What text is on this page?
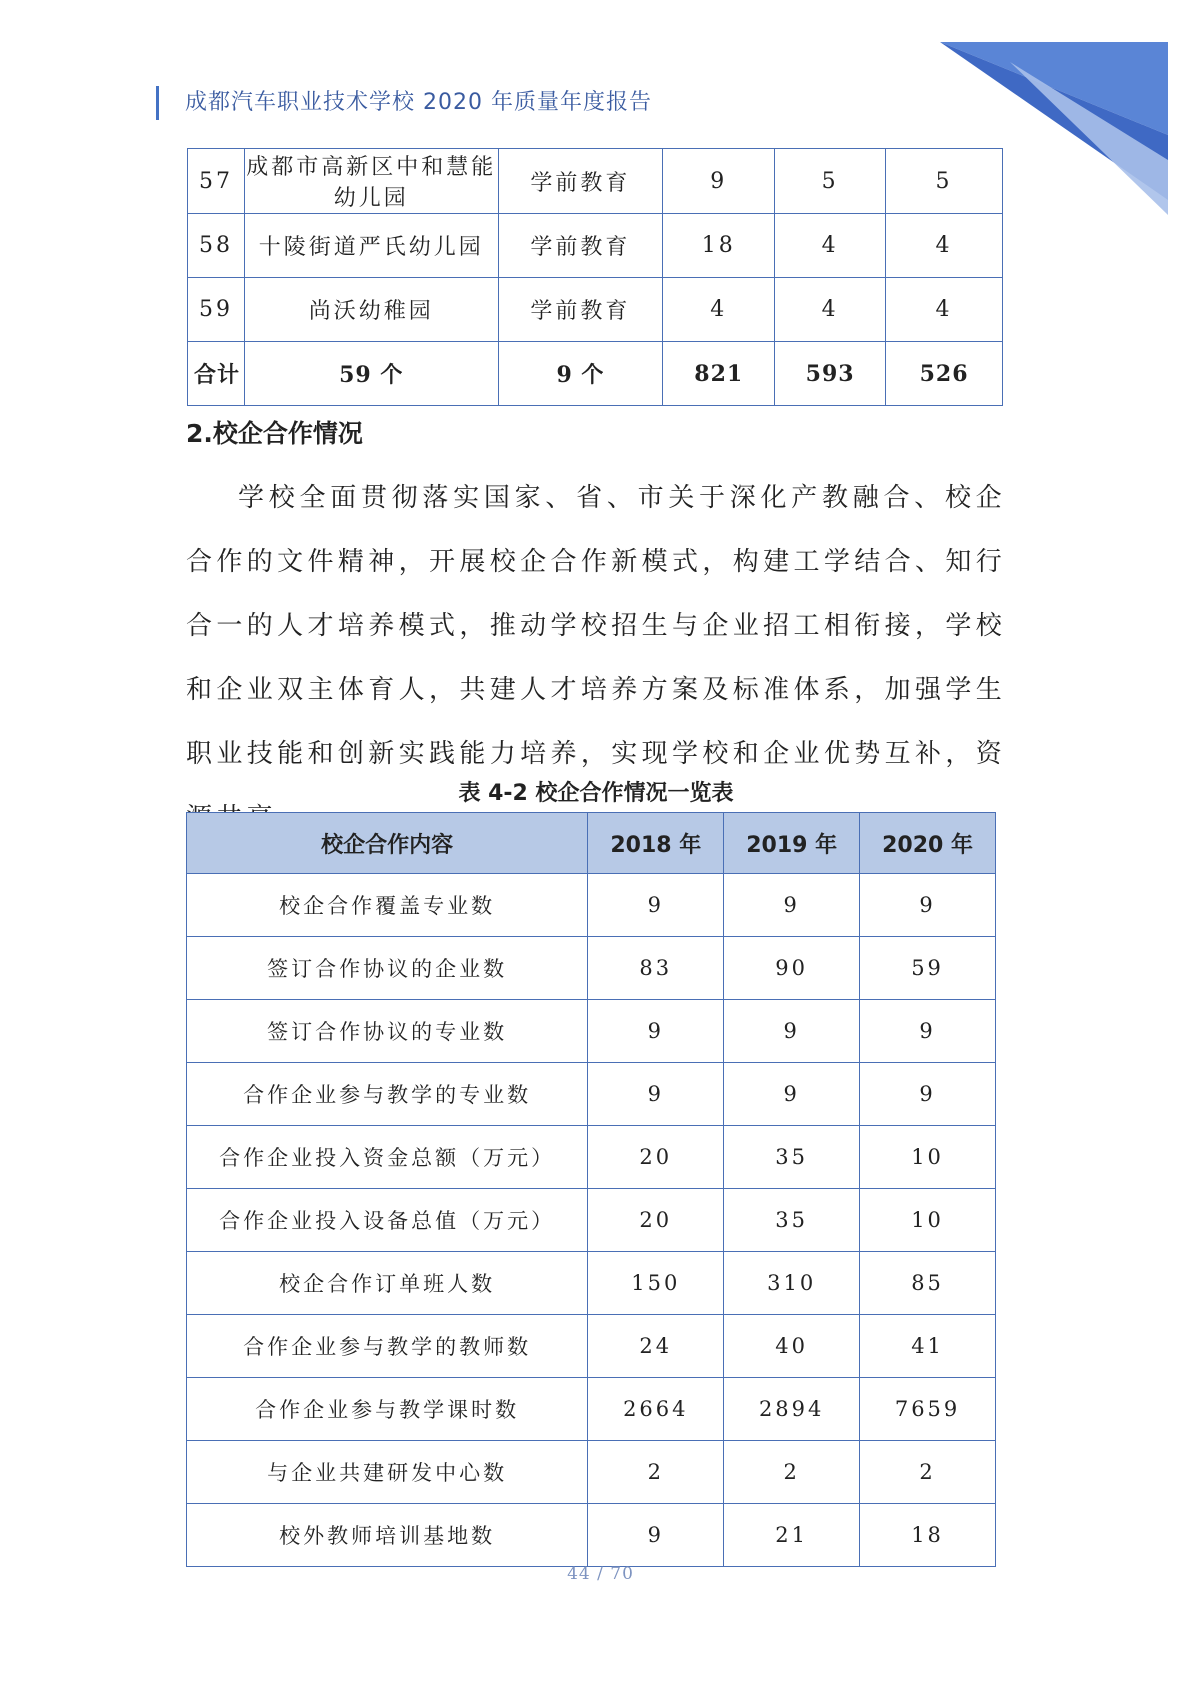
成都汽车职业技术学校 2020 年质量年度报告
57	成都市高新区中和慧能幼儿园	学前教育	9	5	5
58	十陵街道严氏幼儿园	学前教育	18	4	4
59	尚沃幼稚园	学前教育	4	4	4
合计	59 个	9 个	821	593	526
2.校企合作情况

学校全面贯彻落实国家、省、市关于深化产教融合、校企合作的文件精神，开展校企合作新模式，构建工学结合、知行合一的人才培养模式，推动学校招生与企业招工相衔接，学校和企业双主体育人，共建人才培养方案及标准体系，加强学生职业技能和创新实践能力培养，实现学校和企业优势互补，资

表 4-2 校企合作情况一览表
校企合作内容	2018 年	2019 年	2020 年
校企合作覆盖专业数	9	9	9
签订合作协议的企业数	83	90	59
签订合作协议的专业数	9	9	9
合作企业参与教学的专业数	9	9	9
合作企业投入资金总额（万元）	20	35	10
合作企业投入设备总值（万元）	20	35	10
校企合作订单班人数	150	310	85
合作企业参与教学的教师数	24	40	41
合作企业参与教学课时数	2664	2894	7659
与企业共建研发中心数	2	2	2
校外教师培训基地数	9	21	18
44 / 70
